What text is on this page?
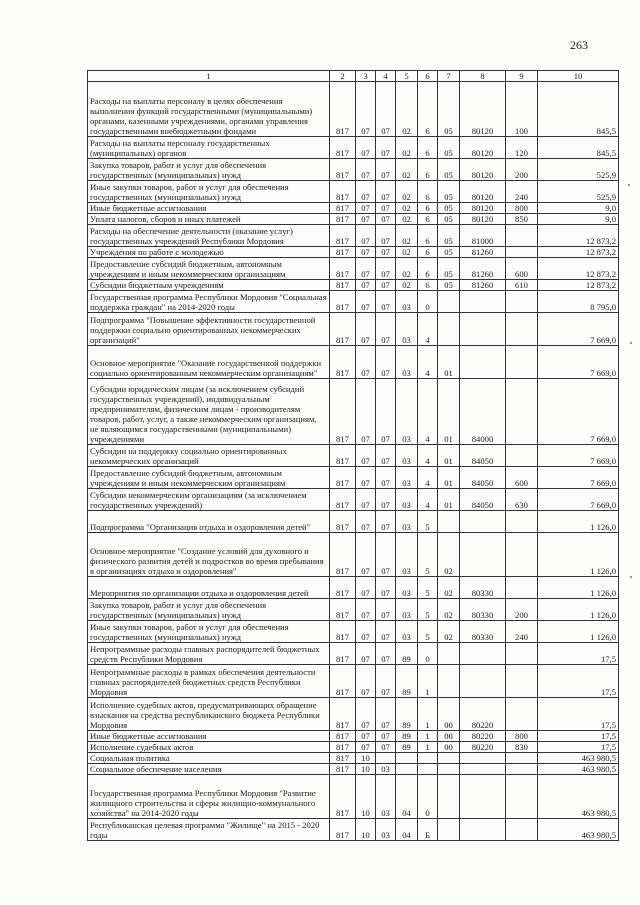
263
1	2	3	4	5	6	7	8	9	10
Расходы на выплаты персоналу в целях обеспечения выполнения функций государственными (муниципальными) органами, казенными учреждениями, органами управления государственными внебюджетными фондами	817	07	07	02	6	05	80120	100	845,5
Расходы на выплаты персоналу государственных (муниципальных) органов	817	07	07	02	6	05	80120	120	845,5
Закупка товаров, работ и услуг для обеспечения государственных (муниципальных) нужд	817	07	07	02	6	05	80120	200	525,9
Иные закупки товаров, работ и услуг для обеспечения государственных (муниципальных) нужд	817	07	07	02	6	05	80120	240	525,9
Иные бюджетные ассигнования	817	07	07	02	6	05	80120	800	9,0
Уплата налогов, сборов и иных платежей	817	07	07	02	6	05	80120	850	9,0
Расходы на обеспечение деятельности (оказание услуг) государственных учреждений Республики Мордовия	817	07	07	02	6	05	81000		12 873,2
Учреждения по работе с молодежью	817	07	07	02	6	05	81260		12 873,2
Предоставление субсидий бюджетным, автономным учреждениям и иным некоммерческим организациям	817	07	07	02	6	05	81260	600	12 873,2
Субсидии бюджетным учреждениям	817	07	07	02	6	05	81260	610	12 873,2
Государственная программа Республики Мордовия "Социальная поддержка граждан" на 2014-2020 годы	817	07	07	03	0				8 795,0
Подпрограмма "Повышение эффективности государственной поддержки социально ориентированных некоммерческих организаций"	817	07	07	03	4				7 669,0
Основное мероприятие "Оказание государственной поддержки социально ориентированным некоммерческим организациям"	817	07	07	03	4	01			7 669,0
Субсидии юридическим лицам (за исключением субсидий государственных учреждений), индивидуальным предпринимателям, физическим лицам - производителям товаров, работ, услуг, а также некоммерческим организациям, не являющимся государственными (муниципальными) учреждениями	817	07	07	03	4	01	84000		7 669,0
Субсидии на поддержку социально ориентированных некоммерческих организаций	817	07	07	03	4	01	84050		7 669,0
Предоставление субсидий бюджетным, автономным учреждениям и иным некоммерческим организациям	817	07	07	03	4	01	84050	600	7 669,0
Субсидии некоммерческим организациям (за исключением государственных учреждений)	817	07	07	03	4	01	84050	630	7 669,0
Подпрограмма "Организация отдыха и оздоровления детей"	817	07	07	03	5				1 126,0
Основное мероприятие "Создание условий для духовного и физического развития детей и подростков во время пребывания в организациях отдыха и оздоровления"	817	07	07	03	5	02			1 126,0
Мероприятия по организации отдыха и оздоровления детей	817	07	07	03	5	02	80330		1 126,0
Закупка товаров, работ и услуг для обеспечения государственных (муниципальных) нужд	817	07	07	03	5	02	80330	200	1 126,0
Иные закупки товаров, работ и услуг для обеспечения государственных (муниципальных) нужд	817	07	07	03	5	02	80330	240	1 126,0
Непрограммные расходы главных распорядителей бюджетных средств Республики Мордовия	817	07	07	89	0				17,5
Непрограммные расходы в рамках обеспечения деятельности главных распорядителей бюджетных средств Республики Мордовия	817	07	07	89	1				17,5
Исполнение судебных актов, предусматривающих обращение взыскания на средства республиканского бюджета Республики Мордовия	817	07	07	89	1	00	80220		17,5
Иные бюджетные ассигнования	817	07	07	89	1	00	80220	800	17,5
Исполнение судебных актов	817	07	07	89	1	00	80220	830	17,5
Социальная политика	817	10							463 980,5
Социальное обеспечение населения	817	10	03						463 980,5
Государственная программа Республики Мордовия "Развитие жилищного строительства и сферы жилищно-коммунального хозяйства" на 2014-2020 годы	817	10	03	04	0				463 980,5
Республиканская целевая программа "Жилище" на 2015 - 2020 годы	817	10	03	04	Б				463 980,5
